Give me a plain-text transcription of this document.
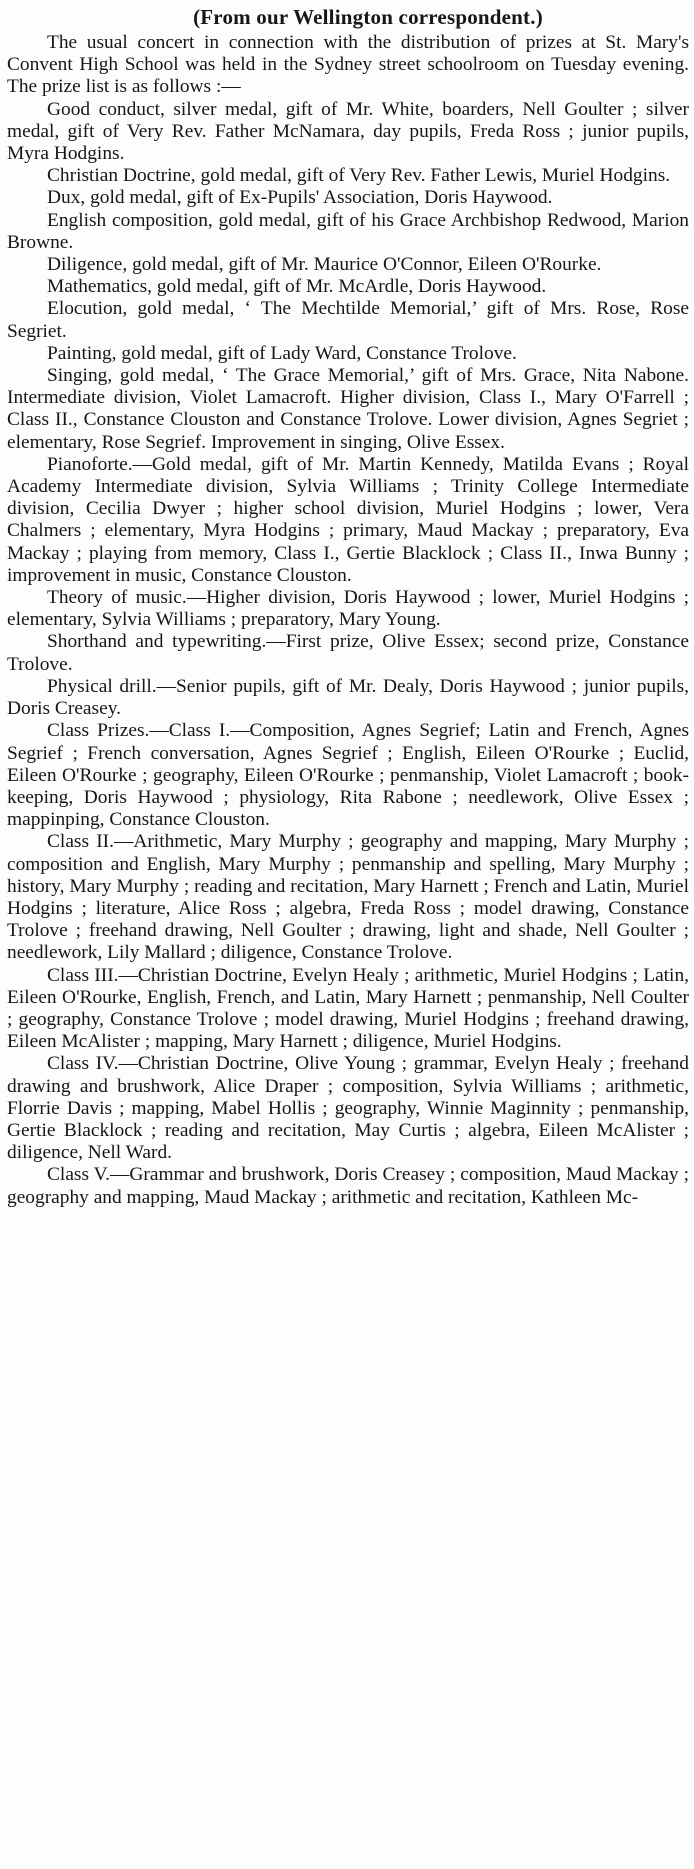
(From our Wellington correspondent.)

The usual concert in connection with the distribution of prizes at St. Mary's Convent High School was held in the Sydney street schoolroom on Tuesday evening. The prize list is as follows :—

Good conduct, silver medal, gift of Mr. White, boarders, Nell Goulter ; silver medal, gift of Very Rev. Father McNamara, day pupils, Freda Ross ; junior pupils, Myra Hodgins.

Christian Doctrine, gold medal, gift of Very Rev. Father Lewis, Muriel Hodgins.

Dux, gold medal, gift of Ex-Pupils' Association, Doris Haywood.

English composition, gold medal, gift of his Grace Archbishop Redwood, Marion Browne.

Diligence, gold medal, gift of Mr. Maurice O'Connor, Eileen O'Rourke.

Mathematics, gold medal, gift of Mr. McArdle, Doris Haywood.

Elocution, gold medal, ‘ The Mechtilde Memorial,’ gift of Mrs. Rose, Rose Segriet.

Painting, gold medal, gift of Lady Ward, Constance Trolove.

Singing, gold medal, ‘ The Grace Memorial,’ gift of Mrs. Grace, Nita Nabone. Intermediate division, Violet Lamacroft. Higher division, Class I., Mary O'Farrell ; Class II., Constance Clouston and Constance Trolove. Lower division, Agnes Segriet ; elementary, Rose Segrief. Improvement in singing, Olive Essex.

Pianoforte.—Gold medal, gift of Mr. Martin Kennedy, Matilda Evans ; Royal Academy Intermediate division, Sylvia Williams ; Trinity College Intermediate division, Cecilia Dwyer ; higher school division, Muriel Hodgins ; lower, Vera Chalmers ; elementary, Myra Hodgins ; primary, Maud Mackay ; preparatory, Eva Mackay ; playing from memory, Class I., Gertie Blacklock ; Class II., Inwa Bunny ; improvement in music, Constance Clouston.

Theory of music.—Higher division, Doris Haywood ; lower, Muriel Hodgins ; elementary, Sylvia Williams ; preparatory, Mary Young.

Shorthand and typewriting.—First prize, Olive Essex; second prize, Constance Trolove.

Physical drill.—Senior pupils, gift of Mr. Dealy, Doris Haywood ; junior pupils, Doris Creasey.

Class Prizes.—Class I.—Composition, Agnes Segrief; Latin and French, Agnes Segrief ; French conversation, Agnes Segrief ; English, Eileen O'Rourke ; Euclid, Eileen O'Rourke ; geography, Eileen O'Rourke ; penmanship, Violet Lamacroft ; book-keeping, Doris Haywood ; physiology, Rita Rabone ; needlework, Olive Essex ; mappinping, Constance Clouston.

Class II.—Arithmetic, Mary Murphy ; geography and mapping, Mary Murphy ; composition and English, Mary Murphy ; penmanship and spelling, Mary Murphy ; history, Mary Murphy ; reading and recitation, Mary Harnett ; French and Latin, Muriel Hodgins ; literature, Alice Ross ; algebra, Freda Ross ; model drawing, Constance Trolove ; freehand drawing, Nell Goulter ; drawing, light and shade, Nell Goulter ; needlework, Lily Mallard ; diligence, Constance Trolove.

Class III.—Christian Doctrine, Evelyn Healy ; arithmetic, Muriel Hodgins ; Latin, Eileen O'Rourke, English, French, and Latin, Mary Harnett ; penmanship, Nell Coulter ; geography, Constance Trolove ; model drawing, Muriel Hodgins ; freehand drawing, Eileen McAlister ; mapping, Mary Harnett ; diligence, Muriel Hodgins.

Class IV.—Christian Doctrine, Olive Young ; grammar, Evelyn Healy ; freehand drawing and brushwork, Alice Draper ; composition, Sylvia Williams ; arithmetic, Florrie Davis ; mapping, Mabel Hollis ; geography, Winnie Maginnity ; penmanship, Gertie Blacklock ; reading and recitation, May Curtis ; algebra, Eileen McAlister ; diligence, Nell Ward.

Class V.—Grammar and brushwork, Doris Creasey ; composition, Maud Mackay ; geography and mapping, Maud Mackay ; arithmetic and recitation, Kathleen Mc-
